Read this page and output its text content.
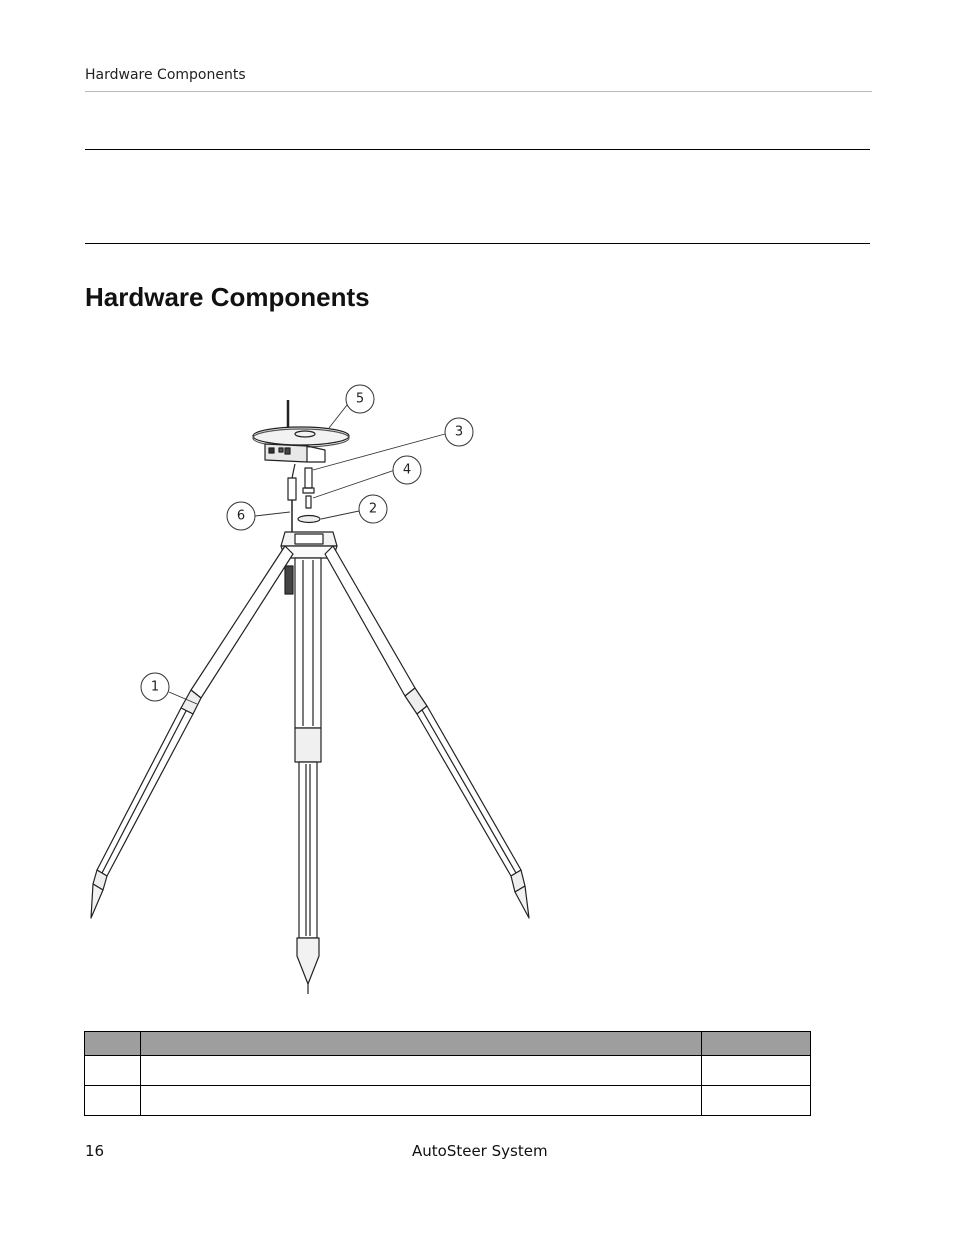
Hardware Components
Hardware Components
5
3
4
2
6
1

16	AutoSteer System
